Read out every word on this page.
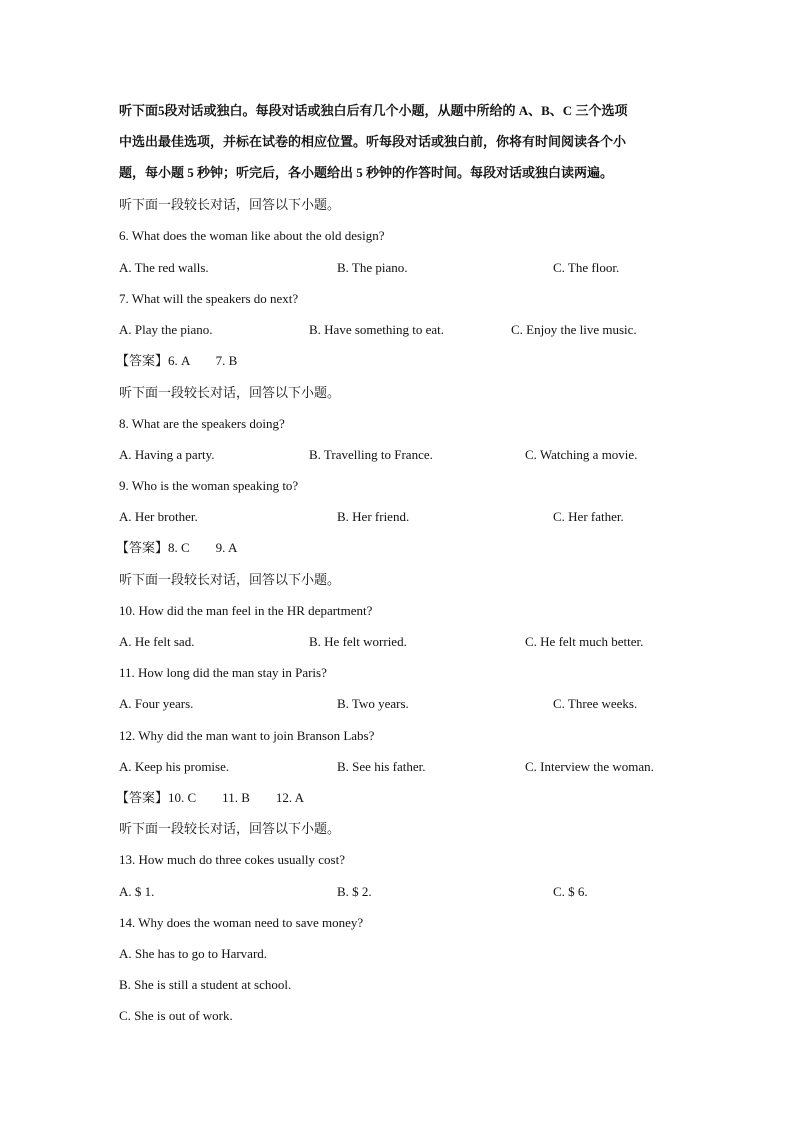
听下面5段对话或独白。每段对话或独白后有几个小题，从题中所给的 A、B、C 三个选项
中选出最佳选项，并标在试卷的相应位置。听每段对话或独白前，你将有时间阅读各个小
题，每小题 5 秒钟；听完后，各小题给出 5 秒钟的作答时间。每段对话或独白读两遍。
听下面一段较长对话，回答以下小题。
6. What does the woman like about the old design?
A. The red walls.	B. The piano.	C. The floor.
7. What will the speakers do next?
A. Play the piano.	B. Have something to eat.	C. Enjoy the live music.
【答案】6. A　　7. B
听下面一段较长对话，回答以下小题。
8. What are the speakers doing?
A. Having a party.	B. Travelling to France.	C. Watching a movie.
9. Who is the woman speaking to?
A. Her brother.	B. Her friend.	C. Her father.
【答案】8. C　　9. A
听下面一段较长对话，回答以下小题。
10. How did the man feel in the HR department?
A. He felt sad.	B. He felt worried.	C. He felt much better.
11. How long did the man stay in Paris?
A. Four years.	B. Two years.	C. Three weeks.
12. Why did the man want to join Branson Labs?
A. Keep his promise.	B. See his father.	C. Interview the woman.
【答案】10. C　　11. B　　12. A
听下面一段较长对话，回答以下小题。
13. How much do three cokes usually cost?
A. $ 1.	B. $ 2.	C. $ 6.
14. Why does the woman need to save money?
A. She has to go to Harvard.
B. She is still a student at school.
C. She is out of work.
